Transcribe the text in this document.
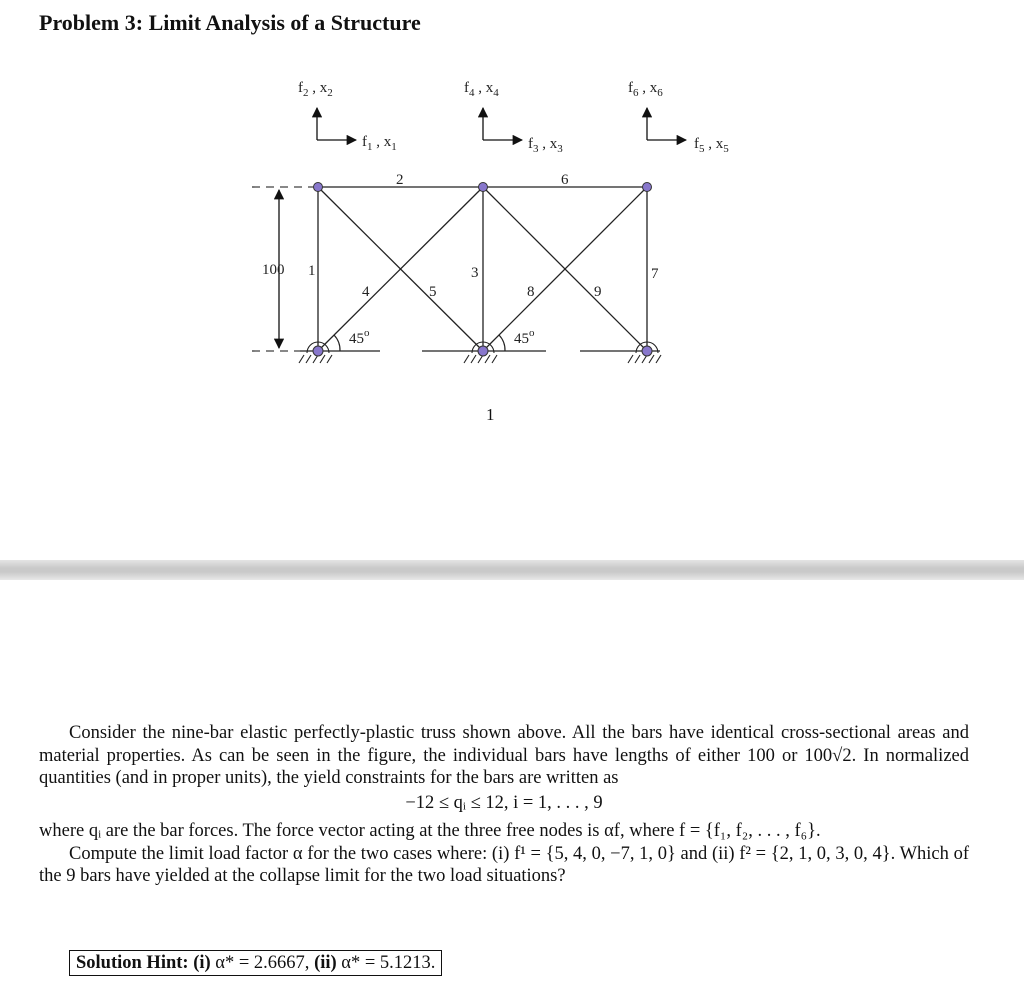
Problem 3: Limit Analysis of a Structure
$f_2$ , $x_2$
$f_1$ , $x_1$
$f_4$ , $x_4$
$f_3$ , $x_3$
$f_6$ , $x_6$
$f_5$ , $x_5$
100 1
2
3
4	5
6
7
8	9
45$^o$	45$^o$
1
Consider the nine-bar elastic perfectly-plastic truss shown above. All the bars have identical cross-sectional areas and material properties. As can be seen in the figure, the individual bars have lengths of either 100 or 100√2. In normalized quantities (and in proper units), the yield constraints for the bars are written as
−12 ≤ qᵢ ≤ 12, i = 1, . . . , 9
where qᵢ are the bar forces. The force vector acting at the three free nodes is αf, where f = {f₁, f₂, . . . , f₆}.
Compute the limit load factor α for the two cases where: (i) f¹ = {5, 4, 0, −7, 1, 0} and (ii) f² = {2, 1, 0, 3, 0, 4}. Which of the 9 bars have yielded at the collapse limit for the two load situations?
Solution Hint: (i) α* = 2.6667, (ii) α* = 5.1213.
